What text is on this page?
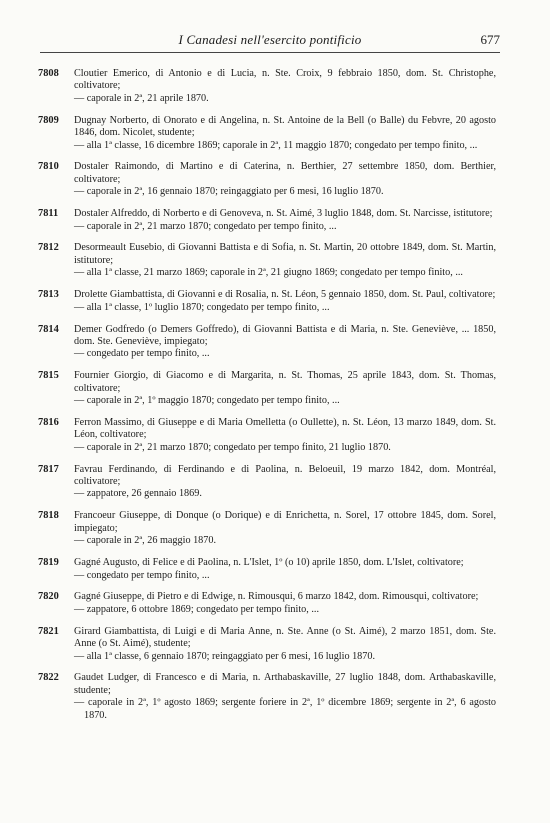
I Canadesi nell'esercito pontificio	677
7808	Cloutier Emerico, di Antonio e di Lucia, n. Ste. Croix, 9 febbraio 1850, dom. St. Christophe, coltivatore;
— caporale in 2ª, 21 aprile 1870.
7809	Dugnay Norberto, di Onorato e di Angelina, n. St. Antoine de la Bell (o Balle) du Febvre, 20 agosto 1846, dom. Nicolet, studente;
— alla 1ª classe, 16 dicembre 1869; caporale in 2ª, 11 maggio 1870; congedato per tempo finito, ...
7810	Dostaler Raimondo, di Martino e di Caterina, n. Berthier, 27 settembre 1850, dom. Berthier, coltivatore;
— caporale in 2ª, 16 gennaio 1870; reingaggiato per 6 mesi, 16 luglio 1870.
7811	Dostaler Alfreddo, di Norberto e di Genoveva, n. St. Aimé, 3 luglio 1848, dom. St. Narcisse, istitutore;
— caporale in 2ª, 21 marzo 1870; congedato per tempo finito, ...
7812	Desormeault Eusebio, di Giovanni Battista e di Sofia, n. St. Martin, 20 ottobre 1849, dom. St. Martin, istitutore;
— alla 1ª classe, 21 marzo 1869; caporale in 2ª, 21 giugno 1869; congedato per tempo finito, ...
7813	Drolette Giambattista, di Giovanni e di Rosalia, n. St. Léon, 5 gennaio 1850, dom. St. Paul, coltivatore;
— alla 1ª classe, 1º luglio 1870; congedato per tempo finito, ...
7814	Demer Godfredo (o Demers Goffredo), di Giovanni Battista e di Maria, n. Ste. Geneviève, ... 1850, dom. Ste. Geneviève, impiegato;
— congedato per tempo finito, ...
7815	Fournier Giorgio, di Giacomo e di Margarita, n. St. Thomas, 25 aprile 1843, dom. St. Thomas, coltivatore;
— caporale in 2ª, 1º maggio 1870; congedato per tempo finito, ...
7816	Ferron Massimo, di Giuseppe e di Maria Omelletta (o Oullette), n. St. Léon, 13 marzo 1849, dom. St. Léon, coltivatore;
— caporale in 2ª, 21 marzo 1870; congedato per tempo finito, 21 luglio 1870.
7817	Favrau Ferdinando, di Ferdinando e di Paolina, n. Beloeuil, 19 marzo 1842, dom. Montréal, coltivatore;
— zappatore, 26 gennaio 1869.
7818	Francoeur Giuseppe, di Donque (o Dorique) e di Enrichetta, n. Sorel, 17 ottobre 1845, dom. Sorel, impiegato;
— caporale in 2ª, 26 maggio 1870.
7819	Gagné Augusto, di Felice e di Paolina, n. L'Islet, 1º (o 10) aprile 1850, dom. L'Islet, coltivatore;
— congedato per tempo finito, ...
7820	Gagné Giuseppe, di Pietro e di Edwige, n. Rimousqui, 6 marzo 1842, dom. Rimousqui, coltivatore;
— zappatore, 6 ottobre 1869; congedato per tempo finito, ...
7821	Girard Giambattista, di Luigi e di Maria Anne, n. Ste. Anne (o St. Aimé), 2 marzo 1851, dom. Ste. Anne (o St. Aimé), studente;
— alla 1ª classe, 6 gennaio 1870; reingaggiato per 6 mesi, 16 luglio 1870.
7822	Gaudet Ludger, di Francesco e di Maria, n. Arthabaskaville, 27 luglio 1848, dom. Arthabaskaville, studente;
— caporale in 2ª, 1º agosto 1869; sergente foriere in 2ª, 1º dicembre 1869; sergente in 2ª, 6 agosto 1870.
